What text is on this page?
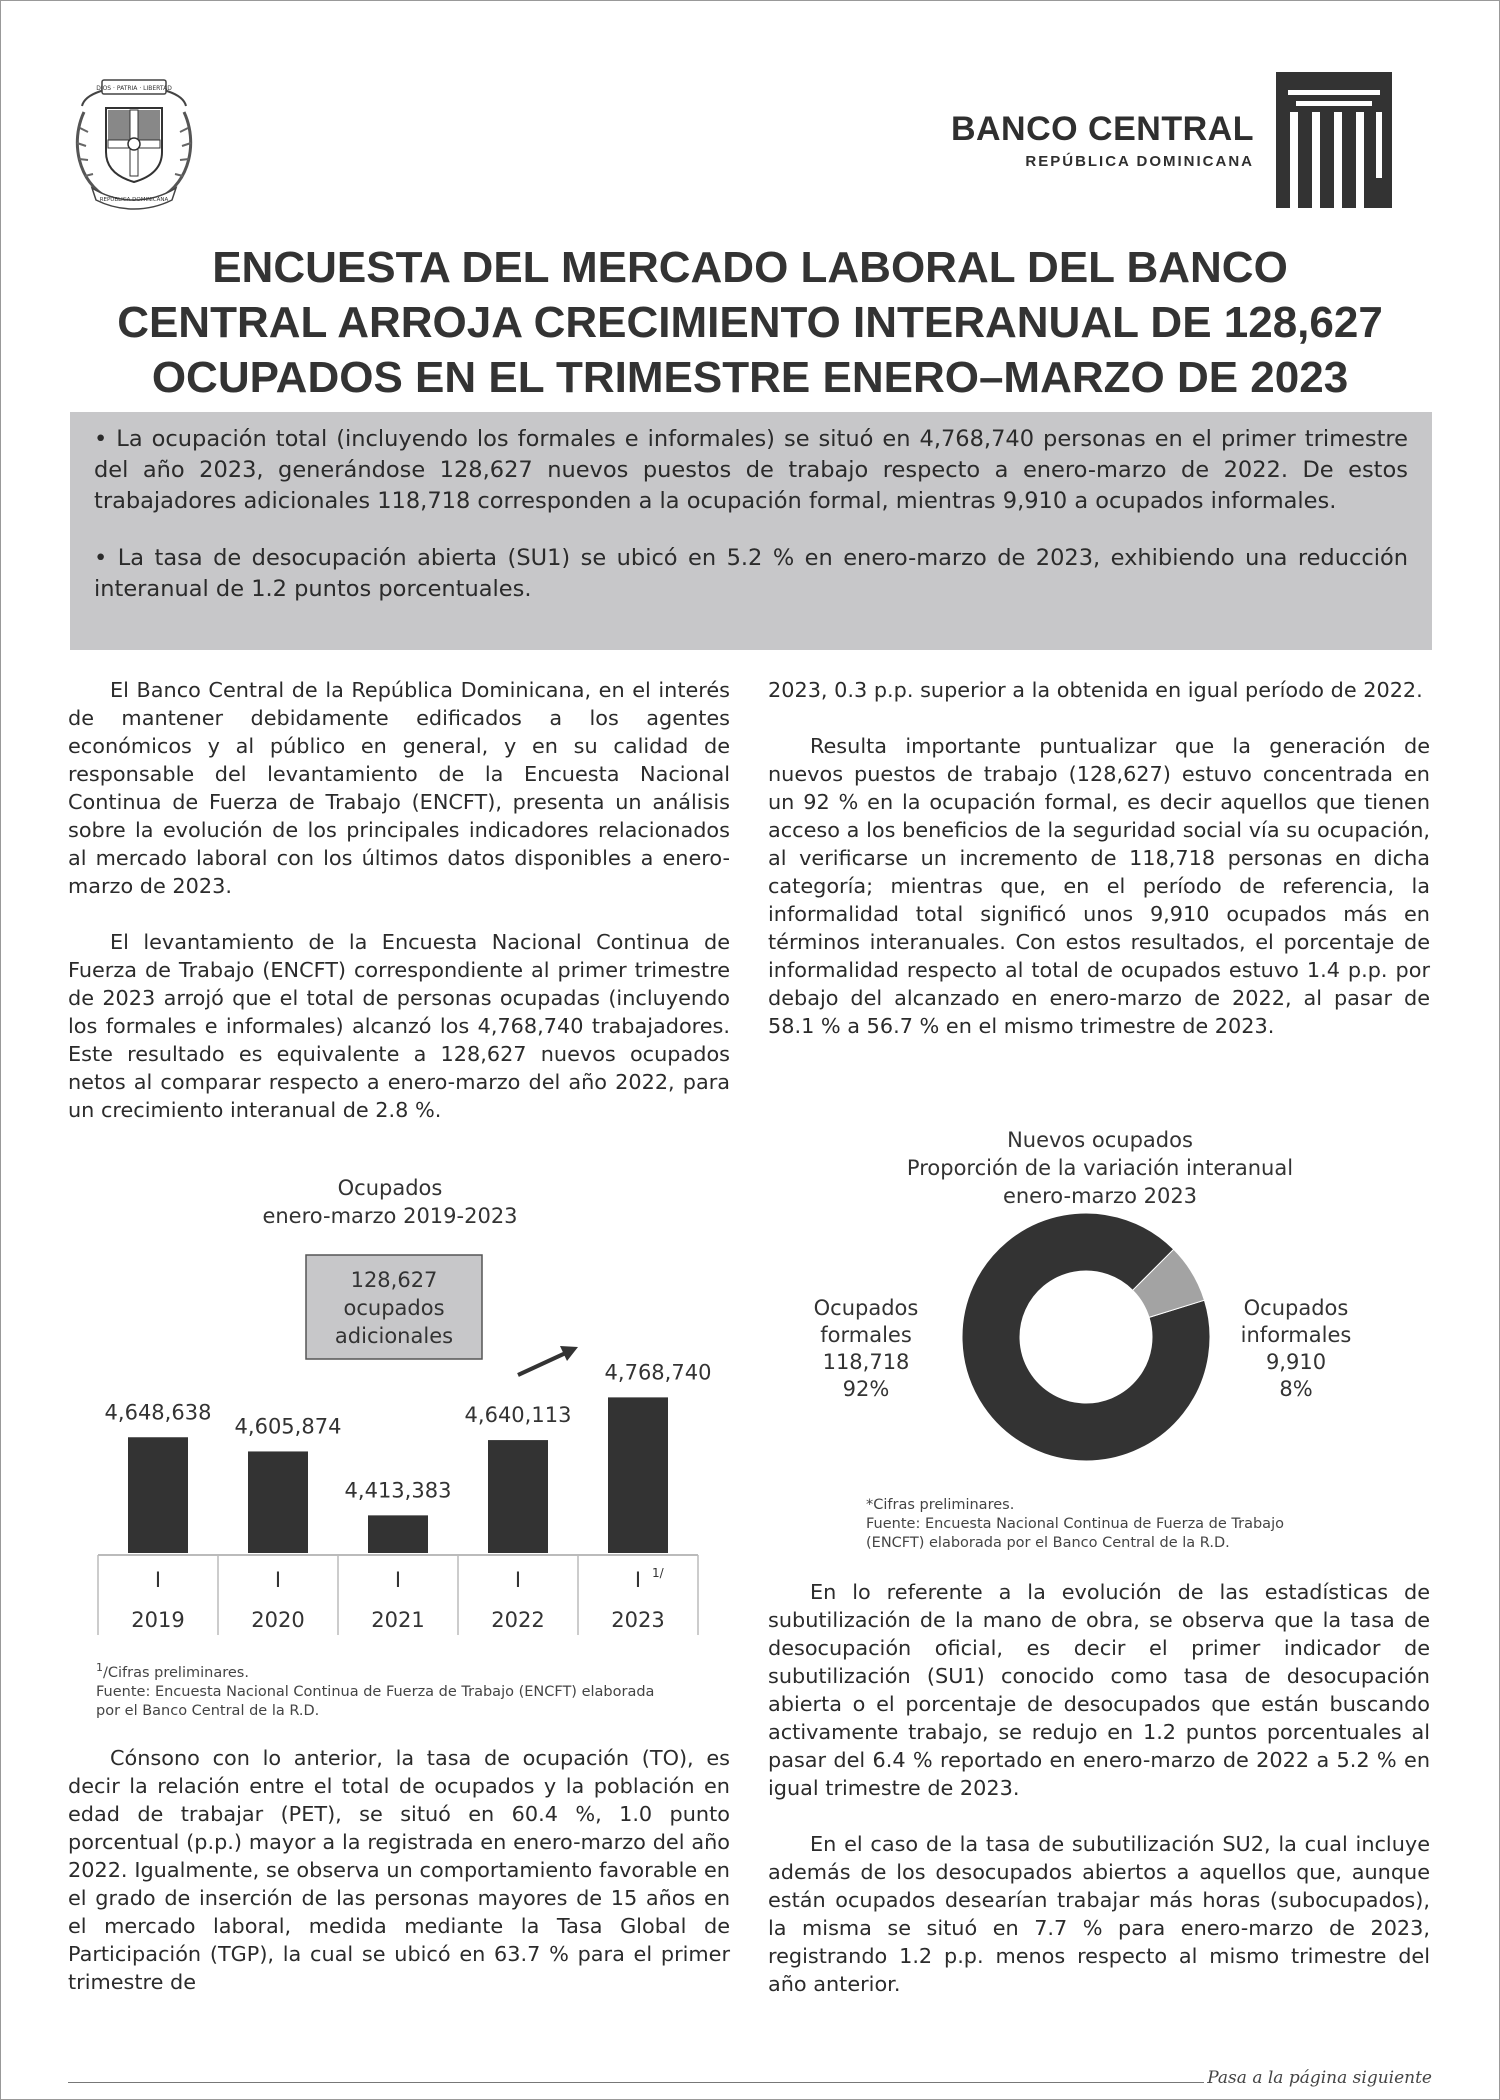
DIOS · PATRIA · LIBERTAD
REPÚBLICA DOMINICANA
BANCO CENTRAL
REPÚBLICA DOMINICANA
ENCUESTA DEL MERCADO LABORAL DEL BANCO
CENTRAL ARROJA CRECIMIENTO INTERANUAL DE 128,627
OCUPADOS EN EL TRIMESTRE ENERO–MARZO DE 2023

• La ocupación total (incluyendo los formales e informales) se situó en 4,768,740 personas en el primer trimestre del año 2023, generándose 128,627 nuevos puestos de trabajo respecto a enero-marzo de 2022. De estos trabajadores adicionales 118,718 corresponden a la ocupación formal, mientras 9,910 a ocupados informales.

• La tasa de desocupación abierta (SU1) se ubicó en 5.2 % en enero-marzo de 2023, exhibiendo una reducción interanual de 1.2 puntos porcentuales.

El Banco Central de la República Dominicana, en el interés de mantener debidamente edificados a los agentes económicos y al público en general, y en su calidad de responsable del levantamiento de la Encuesta Nacional Continua de Fuerza de Trabajo (ENCFT), presenta un análisis sobre la evolución de los principales indicadores relacionados al mercado laboral con los últimos datos disponibles a enero-marzo de 2023.

El levantamiento de la Encuesta Nacional Continua de Fuerza de Trabajo (ENCFT) correspondiente al primer trimestre de 2023 arrojó que el total de personas ocupadas (incluyendo los formales e informales) alcanzó los 4,768,740 trabajadores. Este resultado es equivalente a 128,627 nuevos ocupados netos al comparar respecto a enero-marzo del año 2022, para un crecimiento interanual de 2.8 %.

Ocupados
enero-marzo 2019-2023
128,627
ocupados
adicionales
4,648,638
I
2019
4,605,874
I
2020
4,413,383
I
2021
4,640,113
I
2022
4,768,740
I 1/
2023
$^1$/Cifras preliminares.
Fuente: Encuesta Nacional Continua de Fuerza de Trabajo (ENCFT) elaborada
por el Banco Central de la R.D.

Cónsono con lo anterior, la tasa de ocupación (TO), es decir la relación entre el total de ocupados y la población en edad de trabajar (PET), se situó en 60.4 %, 1.0 punto porcentual (p.p.) mayor a la registrada en enero-marzo del año 2022. Igualmente, se observa un comportamiento favorable en el grado de inserción de las personas mayores de 15 años en el mercado laboral, medida mediante la Tasa Global de Participación (TGP), la cual se ubicó en 63.7 % para el primer trimestre de

2023, 0.3 p.p. superior a la obtenida en igual período de 2022.

Resulta importante puntualizar que la generación de nuevos puestos de trabajo (128,627) estuvo concentrada en un 92 % en la ocupación formal, es decir aquellos que tienen acceso a los beneficios de la seguridad social vía su ocupación, al verificarse un incremento de 118,718 personas en dicha categoría; mientras que, en el período de referencia, la informalidad total significó unos 9,910 ocupados más en términos interanuales. Con estos resultados, el porcentaje de informalidad respecto al total de ocupados estuvo 1.4 p.p. por debajo del alcanzado en enero-marzo de 2022, al pasar de 58.1 % a 56.7 % en el mismo trimestre de 2023.

Nuevos ocupados
Proporción de la variación interanual
enero-marzo 2023
Ocupados
formales
118,718
92%
Ocupados
informales
9,910
8%
*Cifras preliminares.
Fuente: Encuesta Nacional Continua de Fuerza de Trabajo
(ENCFT) elaborada por el Banco Central de la R.D.

En lo referente a la evolución de las estadísticas de subutilización de la mano de obra, se observa que la tasa de desocupación oficial, es decir el primer indicador de subutilización (SU1) conocido como tasa de desocupación abierta o el porcentaje de desocupados que están buscando activamente trabajo, se redujo en 1.2 puntos porcentuales al pasar del 6.4 % reportado en enero-marzo de 2022 a 5.2 % en igual trimestre de 2023.

En el caso de la tasa de subutilización SU2, la cual incluye además de los desocupados abiertos a aquellos que, aunque están ocupados desearían trabajar más horas (subocupados), la misma se situó en 7.7 % para enero-marzo de 2023, registrando 1.2 p.p. menos respecto al mismo trimestre del año anterior.

Pasa a la página siguiente
